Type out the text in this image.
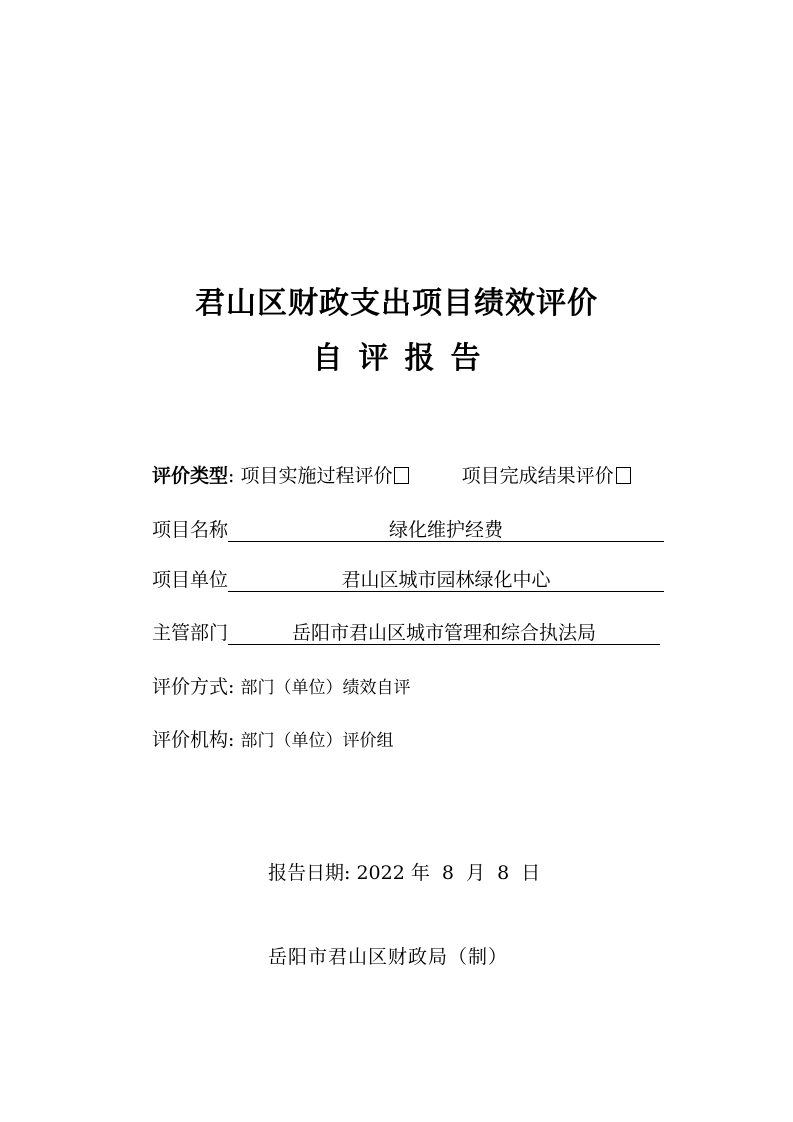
君山区财政支出项目绩效评价
自评报告
评价类型: 项目实施过程评价	项目完成结果评价
项目名称	绿化维护经费
项目单位	君山区城市园林绿化中心
主管部门	岳阳市君山区城市管理和综合执法局
评价方式: 部门（单位）绩效自评
评价机构: 部门（单位）评价组
报告日期: 2022 年 8 月 8 日
岳阳市君山区财政局（制）
